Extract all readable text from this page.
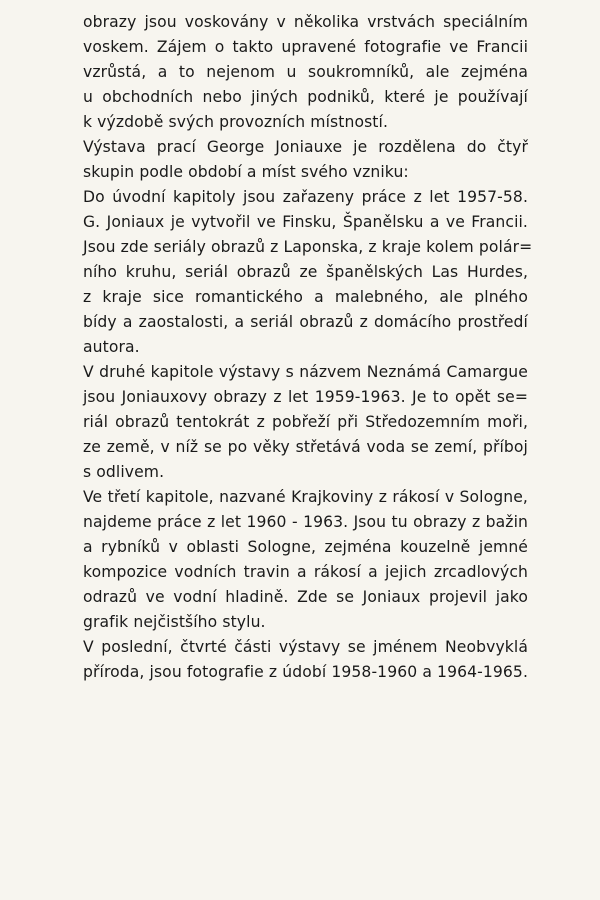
obrazy jsou voskovány v několika vrstvách speciálním
voskem. Zájem o takto upravené fotografie ve Francii
vzrůstá, a to nejenom u soukromníků, ale zejména
u obchodních nebo jiných podniků, které je používají
k výzdobě svých provozních místností.
Výstava prací George Joniauxe je rozdělena do čtyř
skupin podle období a míst svého vzniku:
Do úvodní kapitoly jsou zařazeny práce z let 1957-58.
G. Joniaux je vytvořil ve Finsku, Španělsku a ve Francii.
Jsou zde seriály obrazů z Laponska, z kraje kolem polár=
ního kruhu, seriál obrazů ze španělských Las Hurdes,
z kraje sice romantického a malebného, ale plného
bídy a zaostalosti, a seriál obrazů z domácího prostředí
autora.
V druhé kapitole výstavy s názvem Neznámá Camargue
jsou Joniauxovy obrazy z let 1959-1963. Je to opět se=
riál obrazů tentokrát z pobřeží při Středozemním moři,
ze země, v níž se po věky střetává voda se zemí, příboj
s odlivem.
Ve třetí kapitole, nazvané Krajkoviny z rákosí v Sologne,
najdeme práce z let 1960 - 1963. Jsou tu obrazy z bažin
a rybníků v oblasti Sologne, zejména kouzelně jemné
kompozice vodních travin a rákosí a jejich zrcadlových
odrazů ve vodní hladině. Zde se Joniaux projevil jako
grafik nejčistšího stylu.
V poslední, čtvrté části výstavy se jménem Neobvyklá
příroda, jsou fotografie z údobí 1958-1960 a 1964-1965.
